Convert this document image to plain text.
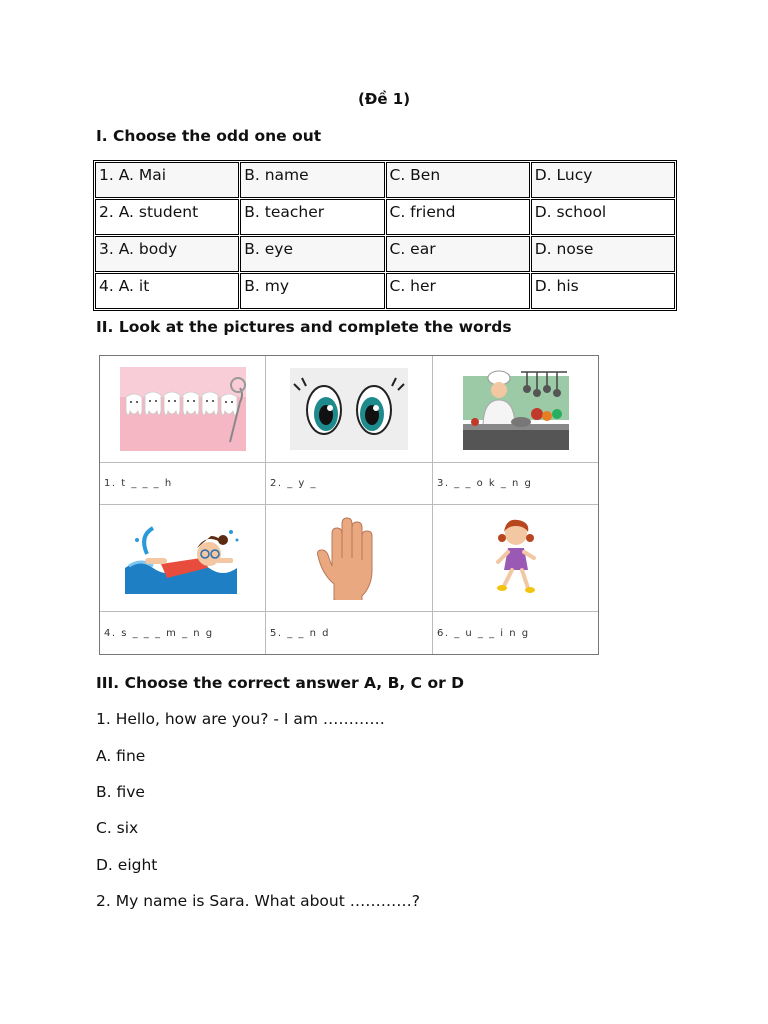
(Đề 1)
I. Choose the odd one out
1. A. Mai	B. name	C. Ben	D. Lucy
2. A. student	B. teacher	C. friend	D. school
3. A. body	B. eye	C. ear	D. nose
4. A. it	B. my	C. her	D. his
II. Look at the pictures and complete the words
1. t _ _ _ h	2. _ y _	3. _ _ o k _ n g
4. s _ _ _ m _ n g	5. _ _ n d	6. _ u _ _ i n g
III. Choose the correct answer A, B, C or D
1. Hello, how are you? - I am …………
A. fine
B. five
C. six
D. eight
2. My name is Sara. What about …………?
